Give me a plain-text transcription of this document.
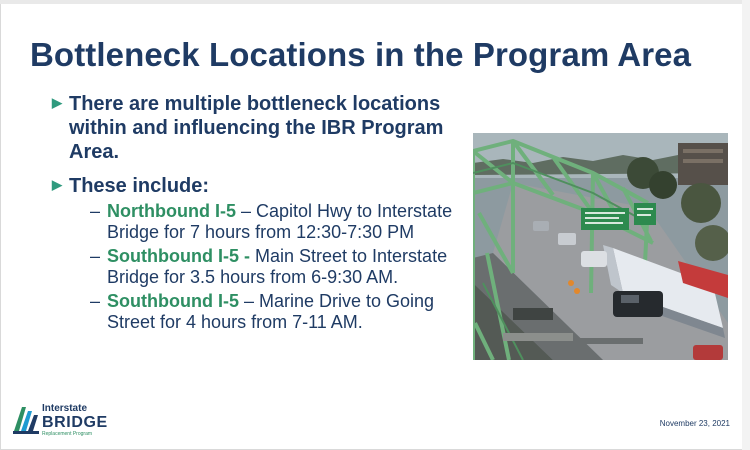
Bottleneck Locations in the Program Area
▶ There are multiple bottleneck locations within and influencing the IBR Program Area.
▶ These include:
– Northbound I-5 – Capitol Hwy to Interstate Bridge for 7 hours from 12:30-7:30 PM
– Southbound I-5 - Main Street to Interstate Bridge for 3.5 hours from 6-9:30 AM.
– Southbound I-5 – Marine Drive to Going Street for 4 hours from 7-11 AM.
Interstate
BRIDGE
Replacement Program
November 23, 2021
